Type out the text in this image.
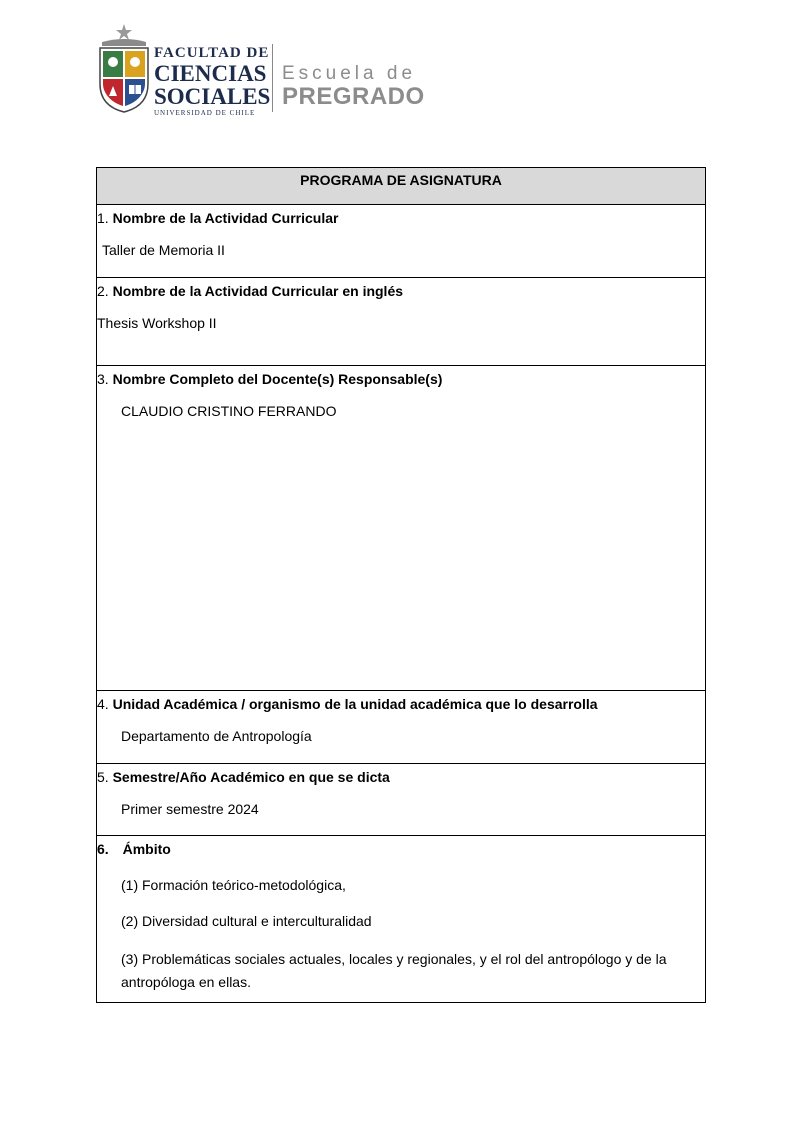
FACULTAD DE
CIENCIAS
SOCIALES
UNIVERSIDAD DE CHILE
Escuela de
PREGRADO
PROGRAMA DE ASIGNATURA

1. Nombre de la Actividad Curricular
Taller de Memoria II

2. Nombre de la Actividad Curricular en inglés
Thesis Workshop II

3. Nombre Completo del Docente(s) Responsable(s)
CLAUDIO CRISTINO FERRANDO

4. Unidad Académica / organismo de la unidad académica que lo desarrolla
Departamento de Antropología

5. Semestre/Año Académico en que se dicta
Primer semestre 2024

6. Ámbito
(1) Formación teórico-metodológica,
(2) Diversidad cultural e interculturalidad
(3) Problemáticas sociales actuales, locales y regionales, y el rol del antropólogo y de la antropóloga en ellas.
